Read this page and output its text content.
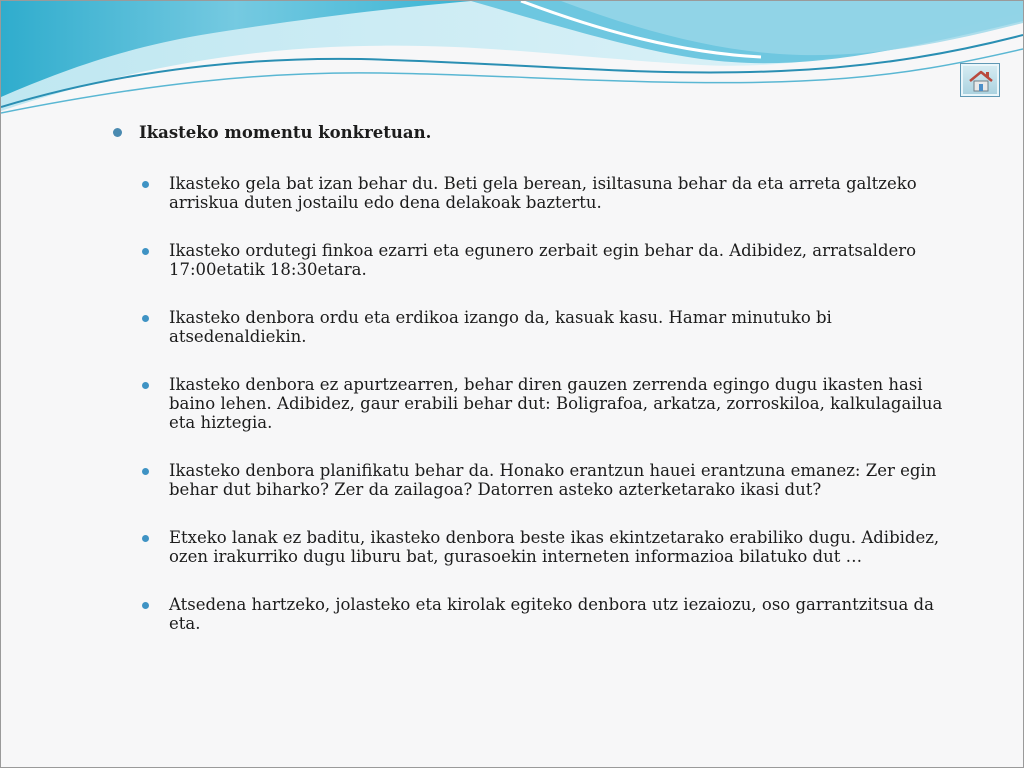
Ikasteko momentu konkretuan.
Ikasteko gela bat izan behar du. Beti gela berean, isiltasuna behar da eta arreta galtzeko
arriskua duten jostailu edo dena delakoak baztertu.
Ikasteko ordutegi finkoa ezarri eta egunero zerbait egin behar da. Adibidez, arratsaldero
17:00etatik 18:30etara.
Ikasteko denbora ordu eta erdikoa izango da, kasuak kasu. Hamar minutuko bi
atsedenaldiekin.
Ikasteko denbora ez apurtzearren, behar diren gauzen zerrenda egingo dugu ikasten hasi
baino lehen. Adibidez, gaur erabili behar dut: Boligrafoa, arkatza, zorroskiloa, kalkulagailua
eta hiztegia.
Ikasteko denbora planifikatu behar da. Honako erantzun hauei erantzuna emanez: Zer egin
behar dut biharko? Zer da zailagoa? Datorren asteko azterketarako ikasi dut?
Etxeko lanak ez baditu, ikasteko denbora beste ikas ekintzetarako erabiliko dugu. Adibidez,
ozen irakurriko dugu liburu bat, gurasoekin interneten informazioa bilatuko dut …
Atsedena hartzeko, jolasteko eta kirolak egiteko denbora utz iezaiozu, oso garrantzitsua da
eta.
